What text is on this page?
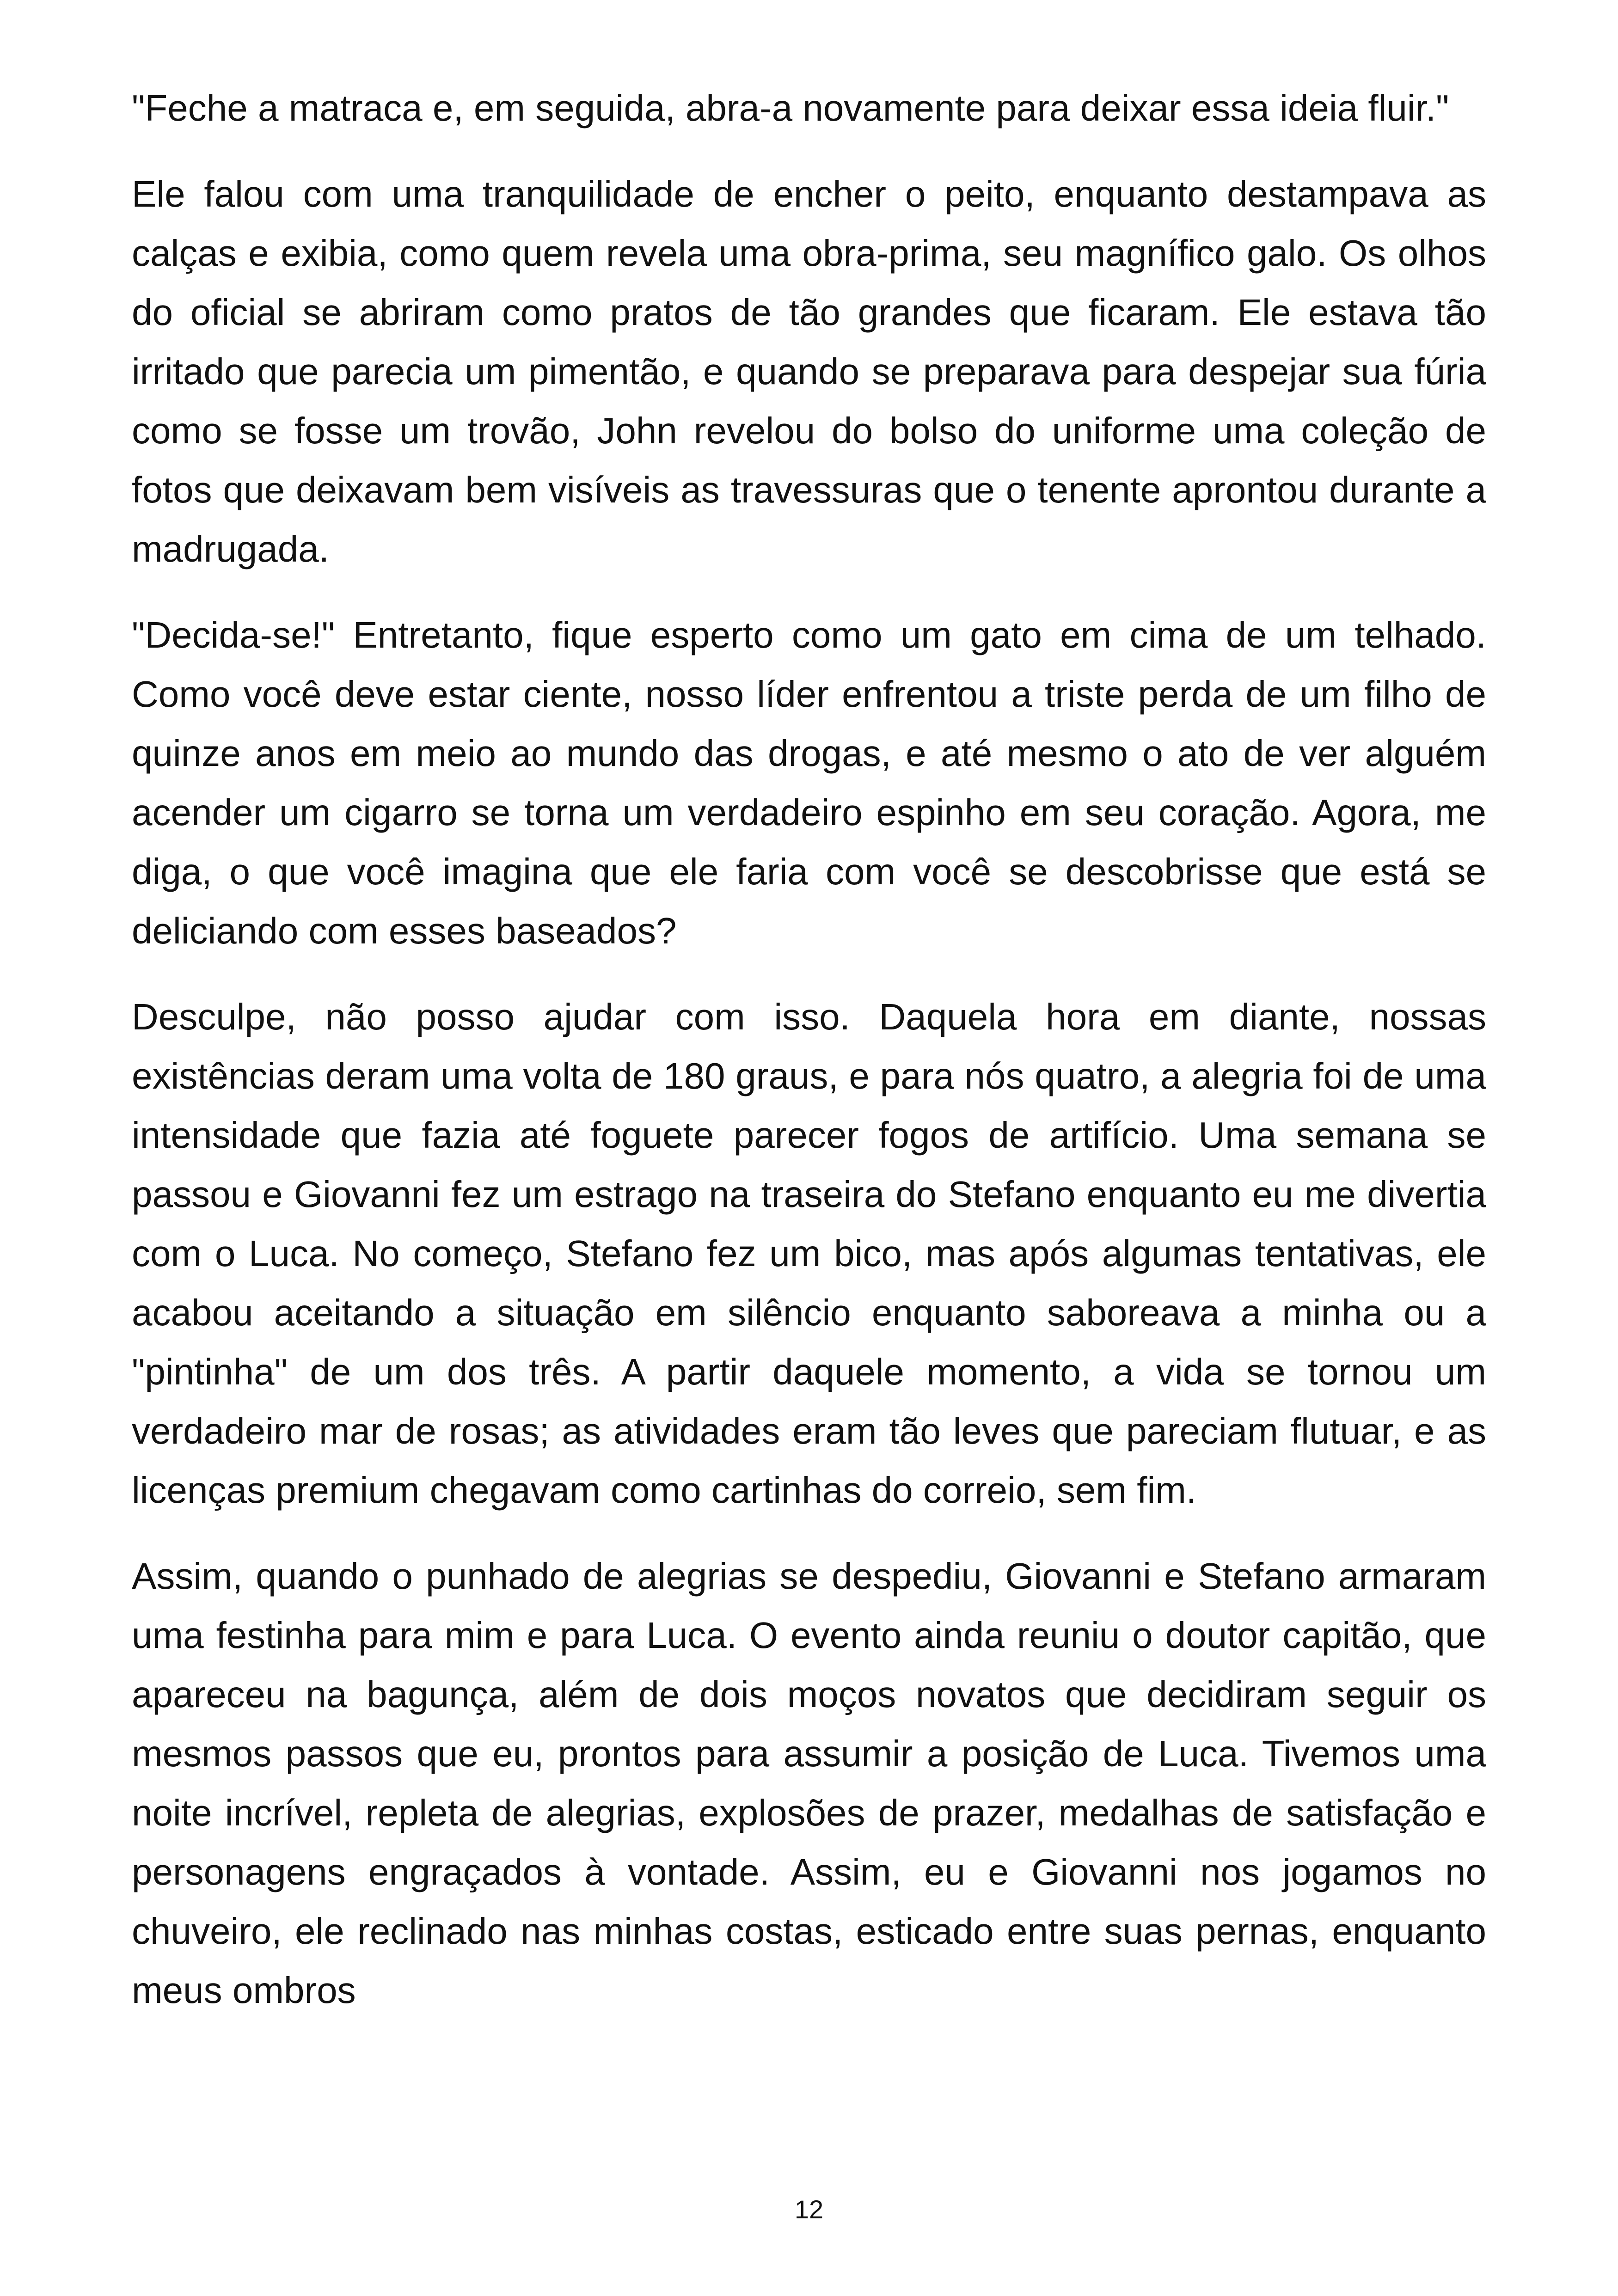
"Feche a matraca e, em seguida, abra-a novamente para deixar essa ideia fluir."

Ele falou com uma tranquilidade de encher o peito, enquanto destampava as calças e exibia, como quem revela uma obra-prima, seu magnífico galo. Os olhos do oficial se abriram como pratos de tão grandes que ficaram. Ele estava tão irritado que parecia um pimentão, e quando se preparava para despejar sua fúria como se fosse um trovão, John revelou do bolso do uniforme uma coleção de fotos que deixavam bem visíveis as travessuras que o tenente aprontou durante a madrugada.

"Decida-se!" Entretanto, fique esperto como um gato em cima de um telhado. Como você deve estar ciente, nosso líder enfrentou a triste perda de um filho de quinze anos em meio ao mundo das drogas, e até mesmo o ato de ver alguém acender um cigarro se torna um verdadeiro espinho em seu coração. Agora, me diga, o que você imagina que ele faria com você se descobrisse que está se deliciando com esses baseados?

Desculpe, não posso ajudar com isso. Daquela hora em diante, nossas existências deram uma volta de 180 graus, e para nós quatro, a alegria foi de uma intensidade que fazia até foguete parecer fogos de artifício. Uma semana se passou e Giovanni fez um estrago na traseira do Stefano enquanto eu me divertia com o Luca. No começo, Stefano fez um bico, mas após algumas tentativas, ele acabou aceitando a situação em silêncio enquanto saboreava a minha ou a "pintinha" de um dos três. A partir daquele momento, a vida se tornou um verdadeiro mar de rosas; as atividades eram tão leves que pareciam flutuar, e as licenças premium chegavam como cartinhas do correio, sem fim.

Assim, quando o punhado de alegrias se despediu, Giovanni e Stefano armaram uma festinha para mim e para Luca. O evento ainda reuniu o doutor capitão, que apareceu na bagunça, além de dois moços novatos que decidiram seguir os mesmos passos que eu, prontos para assumir a posição de Luca. Tivemos uma noite incrível, repleta de alegrias, explosões de prazer, medalhas de satisfação e personagens engraçados à vontade. Assim, eu e Giovanni nos jogamos no chuveiro, ele reclinado nas minhas costas, esticado entre suas pernas, enquanto meus ombros

12
